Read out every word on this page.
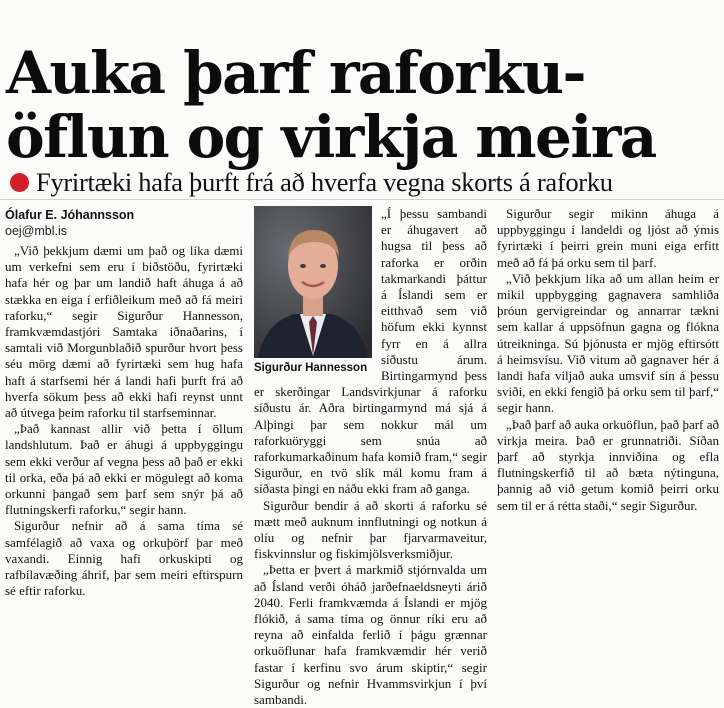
Auka þarf raforku-
öflun og virkja meira
Fyrirtæki hafa þurft frá að hverfa vegna skorts á raforku
Ólafur E. Jóhannsson
oej@mbl.is

„Við þekkjum dæmi um það og líka dæmi um verkefni sem eru í biðstöðu, fyrirtæki hafa hér og þar um landið haft áhuga á að stækka en eiga í erfiðleikum með að fá meiri raforku,“ segir Sigurður Hannesson, framkvæmdastjóri Samtaka iðnaðarins, í samtali við Morgunblaðið spurður hvort þess séu mörg dæmi að fyrirtæki sem hug hafa haft á starfsemi hér á landi hafi þurft frá að hverfa sökum þess að ekki hafi reynst unnt að útvega þeim raforku til starfseminnar.

„Það kannast allir við þetta í öllum landshlutum. Það er áhugi á uppbyggingu sem ekki verður af vegna þess að það er ekki til orka, eða þá að ekki er mögulegt að koma orkunni þangað sem þarf sem snýr þá að flutningskerfi raforku,“ segir hann.

Sigurður nefnir að á sama tíma sé samfélagið að vaxa og orkuþörf þar með vaxandi. Einnig hafi orkuskipti og rafbílavæðing áhrif, þar sem meiri eftirspurn sé eftir raforku.

Sigurður Hannesson

„Í þessu sambandi er áhugavert að hugsa til þess að raforka er orðin takmarkandi þáttur á Íslandi sem er eitthvað sem við höfum ekki kynnst fyrr en á allra síðustu árum. Birtingarmynd þess er skerðingar Landsvirkjunar á raforku síðustu ár. Aðra birtingarmynd má sjá á Alþingi þar sem nokkur mál um raforkuöryggi sem snúa að raforkumarkaðinum hafa komið fram,“ segir Sigurður, en tvö slík mál komu fram á síðasta þingi en náðu ekki fram að ganga.

Sigurður bendir á að skorti á raforku sé mætt með auknum innflutningi og notkun á olíu og nefnir þar fjarvarmaveitur, fiskvinnslur og fiskimjölsverksmiðjur.

„Þetta er þvert á markmið stjórnvalda um að Ísland verði óháð jarðefnaeldsneyti árið 2040. Ferli framkvæmda á Íslandi er mjög flókið, á sama tíma og önnur ríki eru að reyna að einfalda ferlið í þágu grænnar orkuöflunar hafa framkvæmdir hér verið fastar í kerfinu svo árum skiptir,“ segir Sigurður og nefnir Hvammsvirkjun í því sambandi.

Sigurður segir mikinn áhuga á uppbyggingu í landeldi og ljóst að ýmis fyrirtæki í þeirri grein muni eiga erfitt með að fá þá orku sem til þarf.

„Við þekkjum líka að um allan heim er mikil uppbygging gagnavera samhliða þróun gervigreindar og annarrar tækni sem kallar á uppsöfnun gagna og flókna útreikninga. Sú þjónusta er mjög eftirsótt á heimsvísu. Við vitum að gagnaver hér á landi hafa viljað auka umsvif sín á þessu sviði, en ekki fengið þá orku sem til þarf,“ segir hann.

„Það þarf að auka orkuöflun, það þarf að virkja meira. Það er grunnatriði. Síðan þarf að styrkja innviðina og efla flutningskerfið til að bæta nýtinguna, þannig að við getum komið þeirri orku sem til er á rétta staði,“ segir Sigurður.
